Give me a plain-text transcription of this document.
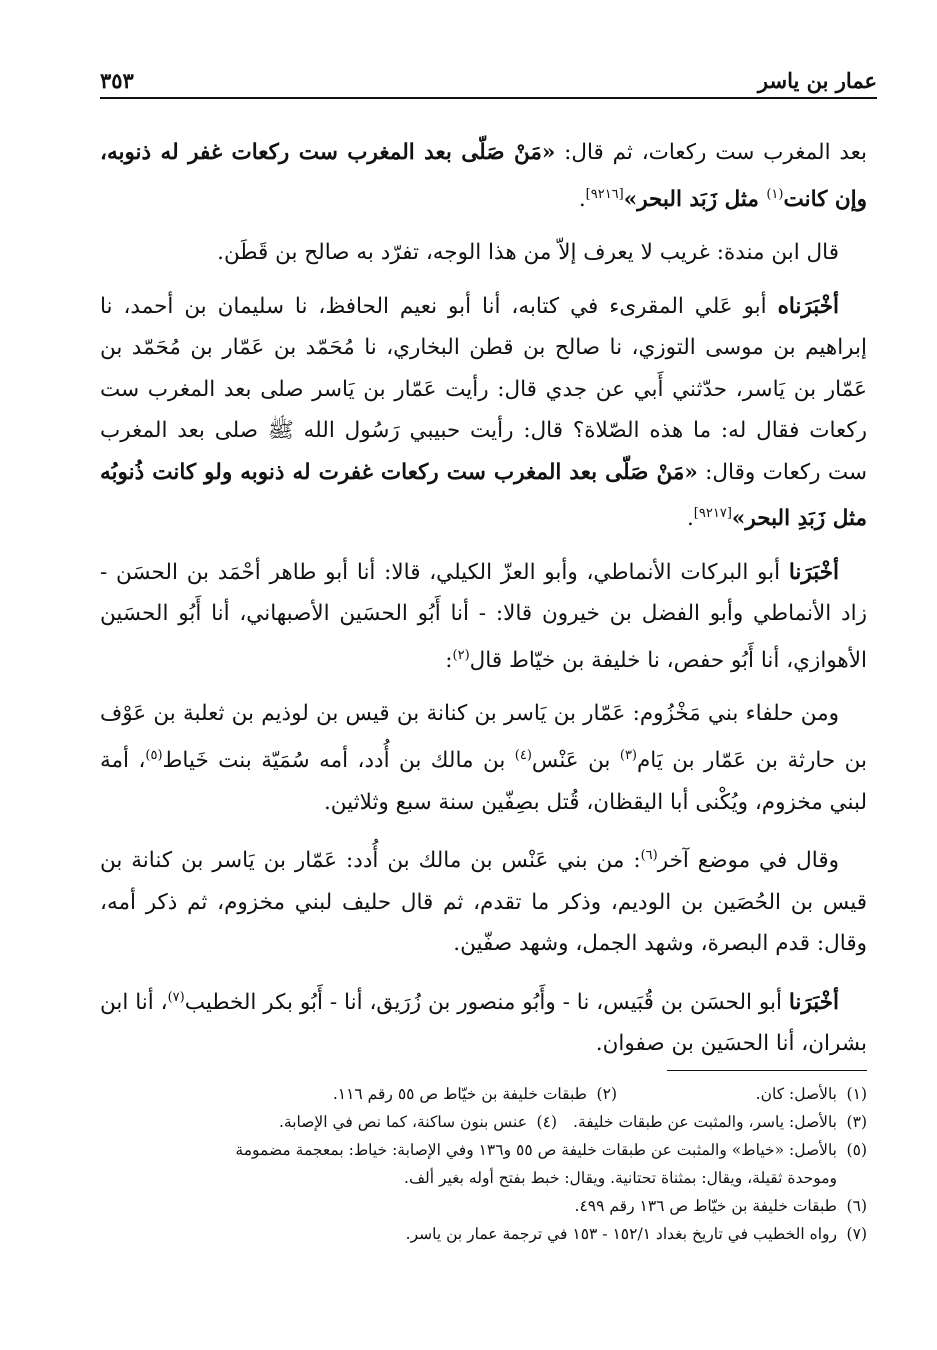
عمار بن ياسر
٣٥٣

بعد المغرب ست ركعات، ثم قال: «مَنْ صَلّى بعد المغرب ست ركعات غفر له ذنوبه، وإن كانت$^{(١)}$ مثل زَبَد البحر»[٩٢١٦].

قال ابن مندة: غريب لا يعرف إلاّ من هذا الوجه، تفرّد به صالح بن قَطَن.

أخْبَرَناه أبو عَلي المقرىء في كتابه، أنا أبو نعيم الحافظ، نا سليمان بن أحمد، نا إبراهيم بن موسى التوزي، نا صالح بن قطن البخاري، نا مُحَمّد بن عَمّار بن مُحَمّد بن عَمّار بن يَاسر، حدّثني أَبي عن جدي قال: رأيت عَمّار بن يَاسر صلى بعد المغرب ست ركعات فقال له: ما هذه الصّلاة؟ قال: رأيت حبيبي رَسُول الله ﷺ صلى بعد المغرب ست ركعات وقال: «مَنْ صَلّى بعد المغرب ست ركعات غفرت له ذنوبه ولو كانت ذُنوبُه مثل زَبَدِ البحر»[٩٢١٧].

أخْبَرَنا أبو البركات الأنماطي، وأبو العزّ الكيلي، قالا: أنا أبو طاهر أحْمَد بن الحسَن - زاد الأنماطي وأبو الفضل بن خيرون قالا: - أنا أَبُو الحسَين الأصبهاني، أنا أَبُو الحسَين الأهوازي، أنا أَبُو حفص، نا خليفة بن خيّاط قال$^{(٢)}$:

ومن حلفاء بني مَخْزُوم: عَمّار بن يَاسر بن كنانة بن قيس بن لوذيم بن ثعلبة بن عَوْف بن حارثة بن عَمّار بن يَام$^{(٣)}$ بن عَنْس$^{(٤)}$ بن مالك بن أُدد، أمه سُمَيّة بنت خَياط$^{(٥)}$، أمة لبني مخزوم، ويُكْنى أبا اليقظان، قُتل بصِفّين سنة سبع وثلاثين.

وقال في موضع آخر$^{(٦)}$: من بني عَنْس بن مالك بن أُدد: عَمّار بن يَاسر بن كنانة بن قيس بن الحُصَين بن الوديم، وذكر ما تقدم، ثم قال حليف لبني مخزوم، ثم ذكر أمه، وقال: قدم البصرة، وشهد الجمل، وشهد صفّين.

أخْبَرَنا أبو الحسَن بن قُبَيس، نا - وأَبُو منصور بن زُرَيق، أنا - أَبُو بكر الخطيب$^{(٧)}$، أنا ابن بشران، أنا الحسَين بن صفوان.

(١)
بالأصل: كان.
(٢)
طبقات خليفة بن خيّاط ص ٥٥ رقم ١١٦.
(٣)
بالأصل: ياسر، والمثبت عن طبقات خليفة.
(٤)
عنس بنون ساكنة، كما نص في الإصابة.
(٥)
بالأصل: «خياط» والمثبت عن طبقات خليفة ص ٥٥ و١٣٦ وفي الإصابة: خياط: بمعجمة مضمومة
وموحدة ثقيلة، ويقال: بمثناة تحتانية. ويقال: خبط بفتح أوله بغير ألف.
(٦)
طبقات خليفة بن خيّاط ص ١٣٦ رقم ٤٩٩.
(٧)
رواه الخطيب في تاريخ بغداد ١٥٢/١ - ١٥٣ في ترجمة عمار بن ياسر.
